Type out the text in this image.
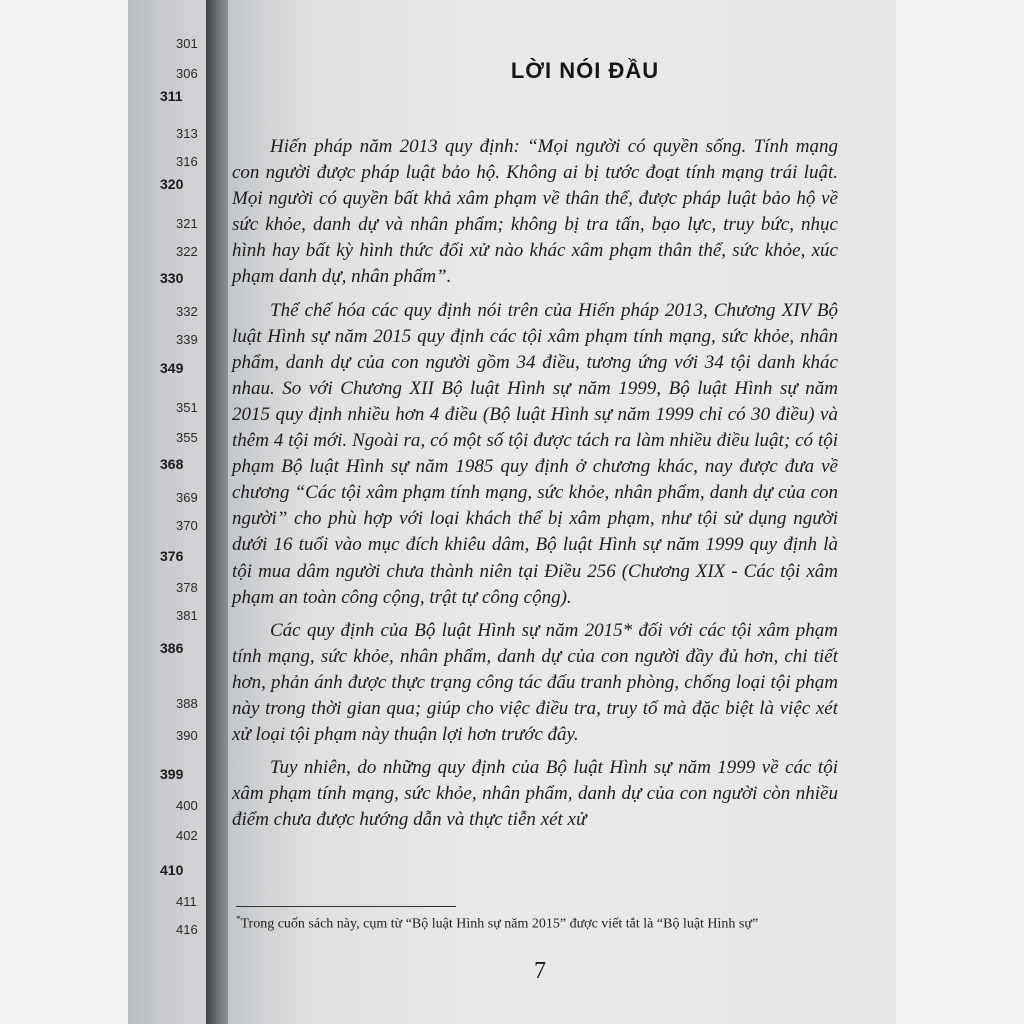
301
306
311
313
316
320
321
322
330
332
339
349
351
355
368
369
370
376
378
381
386
388
390
399
400
402
410
411
416
LỜI NÓI ĐẦU

Hiến pháp năm 2013 quy định: “Mọi người có quyền sống. Tính mạng con người được pháp luật bảo hộ. Không ai bị tước đoạt tính mạng trái luật. Mọi người có quyền bất khả xâm phạm về thân thể, được pháp luật bảo hộ về sức khỏe, danh dự và nhân phẩm; không bị tra tấn, bạo lực, truy bức, nhục hình hay bất kỳ hình thức đối xử nào khác xâm phạm thân thể, sức khỏe, xúc phạm danh dự, nhân phẩm”.

Thể chế hóa các quy định nói trên của Hiến pháp 2013, Chương XIV Bộ luật Hình sự năm 2015 quy định các tội xâm phạm tính mạng, sức khỏe, nhân phẩm, danh dự của con người gồm 34 điều, tương ứng với 34 tội danh khác nhau. So với Chương XII Bộ luật Hình sự năm 1999, Bộ luật Hình sự năm 2015 quy định nhiều hơn 4 điều (Bộ luật Hình sự năm 1999 chỉ có 30 điều) và thêm 4 tội mới. Ngoài ra, có một số tội được tách ra làm nhiều điều luật; có tội phạm Bộ luật Hình sự năm 1985 quy định ở chương khác, nay được đưa về chương “Các tội xâm phạm tính mạng, sức khỏe, nhân phẩm, danh dự của con người” cho phù hợp với loại khách thể bị xâm phạm, như tội sử dụng người dưới 16 tuổi vào mục đích khiêu dâm, Bộ luật Hình sự năm 1999 quy định là tội mua dâm người chưa thành niên tại Điều 256 (Chương XIX - Các tội xâm phạm an toàn công cộng, trật tự công cộng).

Các quy định của Bộ luật Hình sự năm 2015* đối với các tội xâm phạm tính mạng, sức khỏe, nhân phẩm, danh dự của con người đầy đủ hơn, chi tiết hơn, phản ánh được thực trạng công tác đấu tranh phòng, chống loại tội phạm này trong thời gian qua; giúp cho việc điều tra, truy tố mà đặc biệt là việc xét xử loại tội phạm này thuận lợi hơn trước đây.

Tuy nhiên, do những quy định của Bộ luật Hình sự năm 1999 về các tội xâm phạm tính mạng, sức khỏe, nhân phẩm, danh dự của con người còn nhiều điểm chưa được hướng dẫn và thực tiễn xét xử

*Trong cuốn sách này, cụm từ “Bộ luật Hình sự năm 2015” được viết tắt là “Bộ luật Hình sự”
7
